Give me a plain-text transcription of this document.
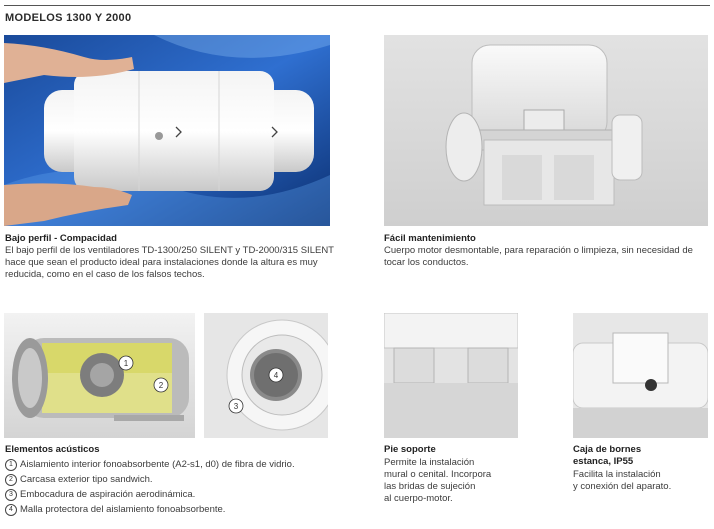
MODELOS 1300 Y 2000
Bajo perfil - Compacidad
El bajo perfil de los ventiladores TD-1300/250 SILENT y TD-2000/315 SILENT hace que sean el producto ideal para instalaciones donde la altura es muy reducida, como en el caso de los falsos techos.
Fácil mantenimiento
Cuerpo motor desmontable, para reparación o limpieza, sin necesidad de tocar los conductos.
1
2
4
3
Elementos acústicos
1 Aislamiento interior fonoabsorbente (A2-s1, d0) de fibra de vidrio.
2 Carcasa exterior tipo sandwich.
3 Embocadura de aspiración aerodinámica.
4 Malla protectora del aislamiento fonoabsorbente.
Pie soporte
Permite la instalación
mural o cenital. Incorpora
las bridas de sujeción
al cuerpo-motor.
Caja de bornes
estanca, IP55
Facilita la instalación
y conexión del aparato.
